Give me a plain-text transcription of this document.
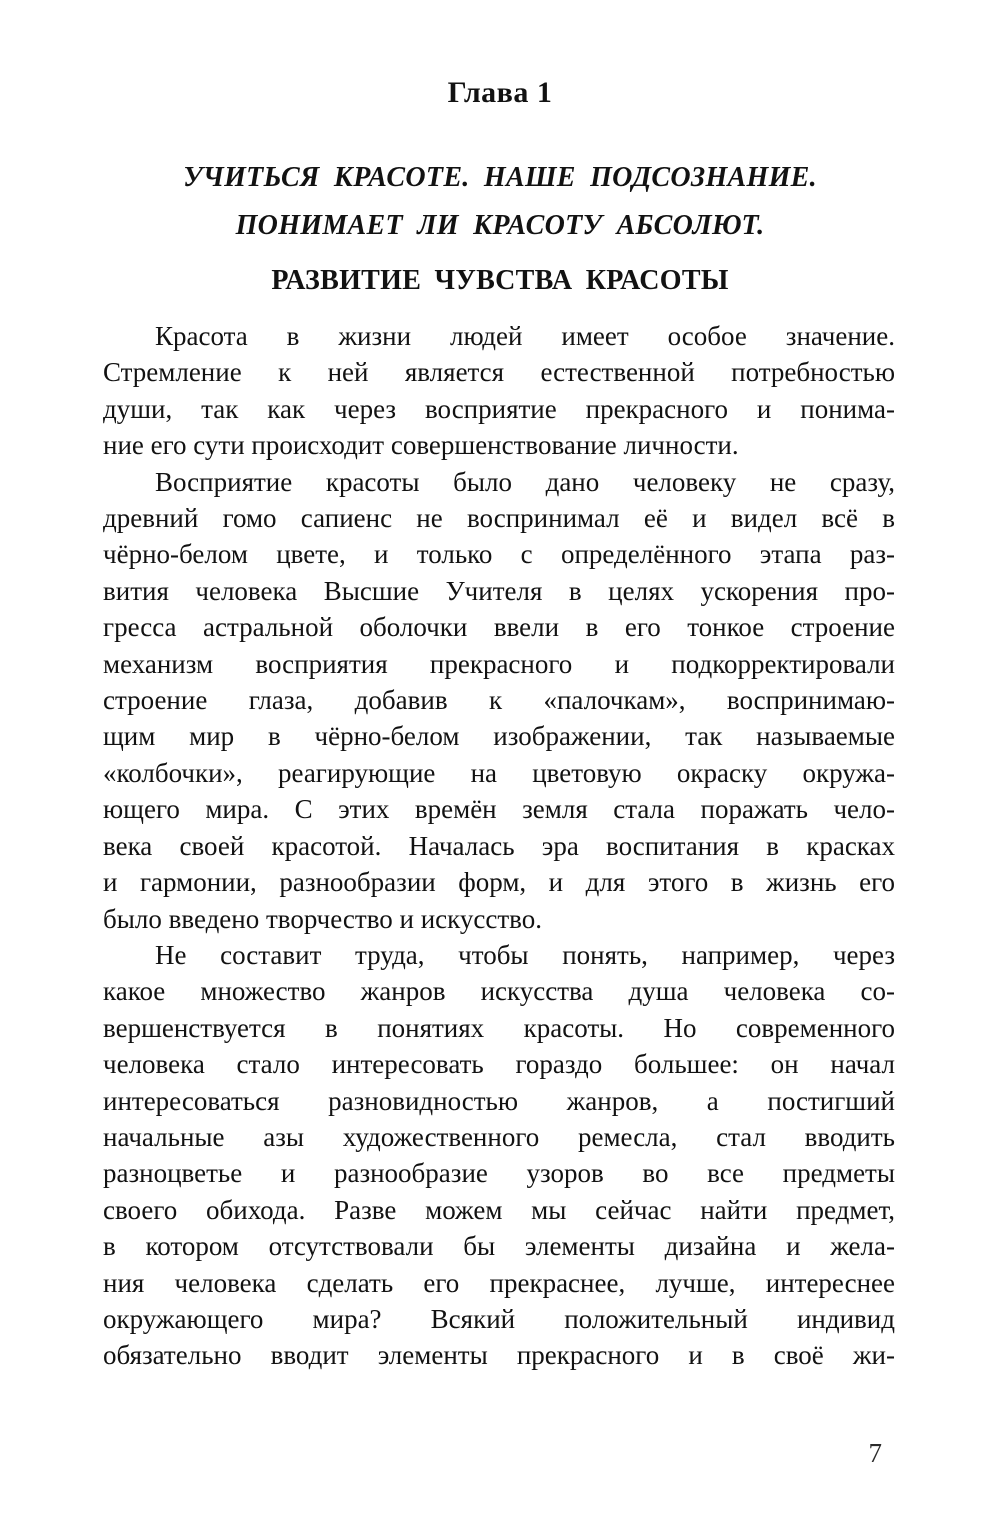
Глава 1
УЧИТЬСЯ КРАСОТЕ. НАШЕ ПОДСОЗНАНИЕ.
ПОНИМАЕТ ЛИ КРАСОТУ АБСОЛЮТ.
РАЗВИТИЕ ЧУВСТВА КРАСОТЫ
Красота в жизни людей имеет особое значение.
Стремление к ней является естественной потребностью
души, так как через восприятие прекрасного и понима-
ние его сути происходит совершенствование личности.
Восприятие красоты было дано человеку не сразу,
древний гомо сапиенс не воспринимал её и видел всё в
чёрно-белом цвете, и только с определённого этапа раз-
вития человека Высшие Учителя в целях ускорения про-
гресса астральной оболочки ввели в его тонкое строение
механизм восприятия прекрасного и подкорректировали
строение глаза, добавив к «палочкам», воспринимаю-
щим мир в чёрно-белом изображении, так называемые
«колбочки», реагирующие на цветовую окраску окружа-
ющего мира. С этих времён земля стала поражать чело-
века своей красотой. Началась эра воспитания в красках
и гармонии, разнообразии форм, и для этого в жизнь его
было введено творчество и искусство.
Не составит труда, чтобы понять, например, через
какое множество жанров искусства душа человека со-
вершенствуется в понятиях красоты. Но современного
человека стало интересовать гораздо большее: он начал
интересоваться разновидностью жанров, а постигший
начальные азы художественного ремесла, стал вводить
разноцветье и разнообразие узоров во все предметы
своего обихода. Разве можем мы сейчас найти предмет,
в котором отсутствовали бы элементы дизайна и жела-
ния человека сделать его прекраснее, лучше, интереснее
окружающего мира? Всякий положительный индивид
обязательно вводит элементы прекрасного и в своё жи-
7
